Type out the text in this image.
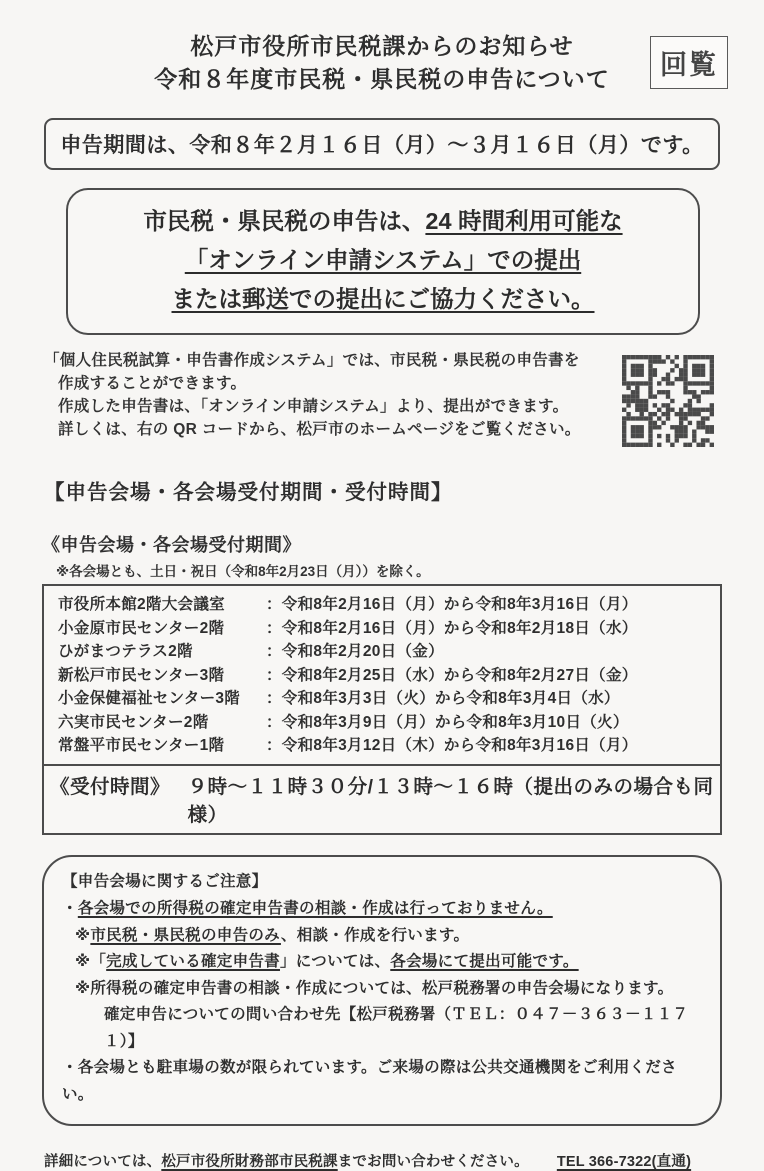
松戸市役所市民税課からのお知らせ
令和８年度市民税・県民税の申告について	回覧
申告期間は、令和８年２月１６日（月）～３月１６日（月）です。
市民税・県民税の申告は、24 時間利用可能な
「オンライン申請システム」での提出
または郵送での提出にご協力ください。
「個人住民税試算・申告書作成システム」では、市民税・県民税の申告書を
作成することができます。
作成した申告書は、「オンライン申請システム」より、提出ができます。
詳しくは、右の QR コードから、松戸市のホームページをご覧ください。
【申告会場・各会場受付期間・受付時間】
《申告会場・各会場受付期間》
※各会場とも、土日・祝日（令和8年2月23日（月））を除く。
市役所本館2階大会議室	：令和8年2月16日（月）から令和8年3月16日（月）
小金原市民センター2階	：令和8年2月16日（月）から令和8年2月18日（水）
ひがまつテラス2階	：令和8年2月20日（金）
新松戸市民センター3階	：令和8年2月25日（水）から令和8年2月27日（金）
小金保健福祉センター3階	：令和8年3月3日（火）から令和8年3月4日（水）
六実市民センター2階	：令和8年3月9日（月）から令和8年3月10日（火）
常盤平市民センター1階	：令和8年3月12日（木）から令和8年3月16日（月）
《受付時間》 ９時～１１時３０分/１３時～１６時（提出のみの場合も同様）
【申告会場に関するご注意】
・各会場での所得税の確定申告書の相談・作成は行っておりません。
※市民税・県民税の申告のみ、相談・作成を行います。
※「完成している確定申告書」については、各会場にて提出可能です。
※所得税の確定申告書の相談・作成については、松戸税務署の申告会場になります。
確定申告についての問い合わせ先【松戸税務署（ＴＥＬ：０４７－３６３－１１７１）】
・各会場とも駐車場の数が限られています。ご来場の際は公共交通機関をご利用ください。
詳細については、松戸市役所財務部市民税課までお問い合わせください。 TEL 366-7322(直通)
